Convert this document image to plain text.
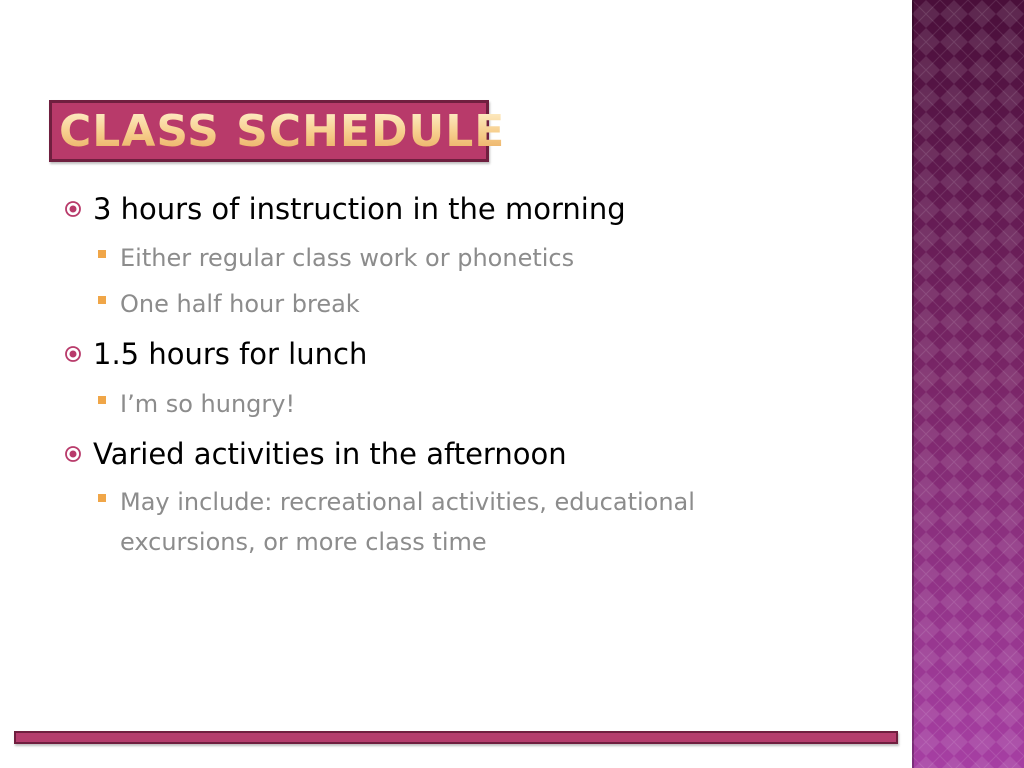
CLASS SCHEDULE
3 hours of instruction in the morning
Either regular class work or phonetics
One half hour break
1.5 hours for lunch
I’m so hungry!
Varied activities in the afternoon
May include: recreational activities, educational
excursions, or more class time
